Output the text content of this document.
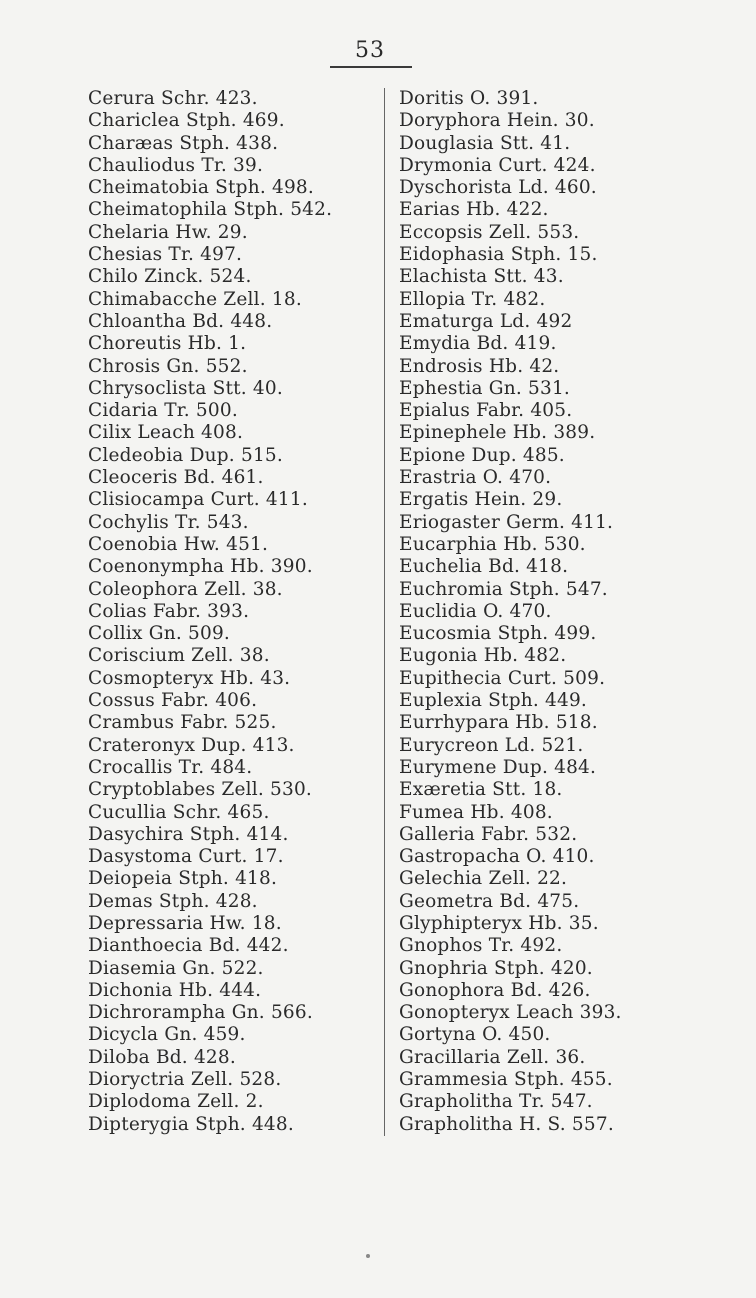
53
Cerura Schr. 423.
Chariclea Stph. 469.
Charæas Stph. 438.
Chauliodus Tr. 39.
Cheimatobia Stph. 498.
Cheimatophila Stph. 542.
Chelaria Hw. 29.
Chesias Tr. 497.
Chilo Zinck. 524.
Chimabacche Zell. 18.
Chloantha Bd. 448.
Choreutis Hb. 1.
Chrosis Gn. 552.
Chrysoclista Stt. 40.
Cidaria Tr. 500.
Cilix Leach 408.
Cledeobia Dup. 515.
Cleoceris Bd. 461.
Clisiocampa Curt. 411.
Cochylis Tr. 543.
Coenobia Hw. 451.
Coenonympha Hb. 390.
Coleophora Zell. 38.
Colias Fabr. 393.
Collix Gn. 509.
Coriscium Zell. 38.
Cosmopteryx Hb. 43.
Cossus Fabr. 406.
Crambus Fabr. 525.
Crateronyx Dup. 413.
Crocallis Tr. 484.
Cryptoblabes Zell. 530.
Cucullia Schr. 465.
Dasychira Stph. 414.
Dasystoma Curt. 17.
Deiopeia Stph. 418.
Demas Stph. 428.
Depressaria Hw. 18.
Dianthoecia Bd. 442.
Diasemia Gn. 522.
Dichonia Hb. 444.
Dichrorampha Gn. 566.
Dicycla Gn. 459.
Diloba Bd. 428.
Dioryctria Zell. 528.
Diplodoma Zell. 2.
Dipterygia Stph. 448.
Doritis O. 391.
Doryphora Hein. 30.
Douglasia Stt. 41.
Drymonia Curt. 424.
Dyschorista Ld. 460.
Earias Hb. 422.
Eccopsis Zell. 553.
Eidophasia Stph. 15.
Elachista Stt. 43.
Ellopia Tr. 482.
Ematurga Ld. 492
Emydia Bd. 419.
Endrosis Hb. 42.
Ephestia Gn. 531.
Epialus Fabr. 405.
Epinephele Hb. 389.
Epione Dup. 485.
Erastria O. 470.
Ergatis Hein. 29.
Eriogaster Germ. 411.
Eucarphia Hb. 530.
Euchelia Bd. 418.
Euchromia Stph. 547.
Euclidia O. 470.
Eucosmia Stph. 499.
Eugonia Hb. 482.
Eupithecia Curt. 509.
Euplexia Stph. 449.
Eurrhypara Hb. 518.
Eurycreon Ld. 521.
Eurymene Dup. 484.
Exæretia Stt. 18.
Fumea Hb. 408.
Galleria Fabr. 532.
Gastropacha O. 410.
Gelechia Zell. 22.
Geometra Bd. 475.
Glyphipteryx Hb. 35.
Gnophos Tr. 492.
Gnophria Stph. 420.
Gonophora Bd. 426.
Gonopteryx Leach 393.
Gortyna O. 450.
Gracillaria Zell. 36.
Grammesia Stph. 455.
Grapholitha Tr. 547.
Grapholitha H. S. 557.
